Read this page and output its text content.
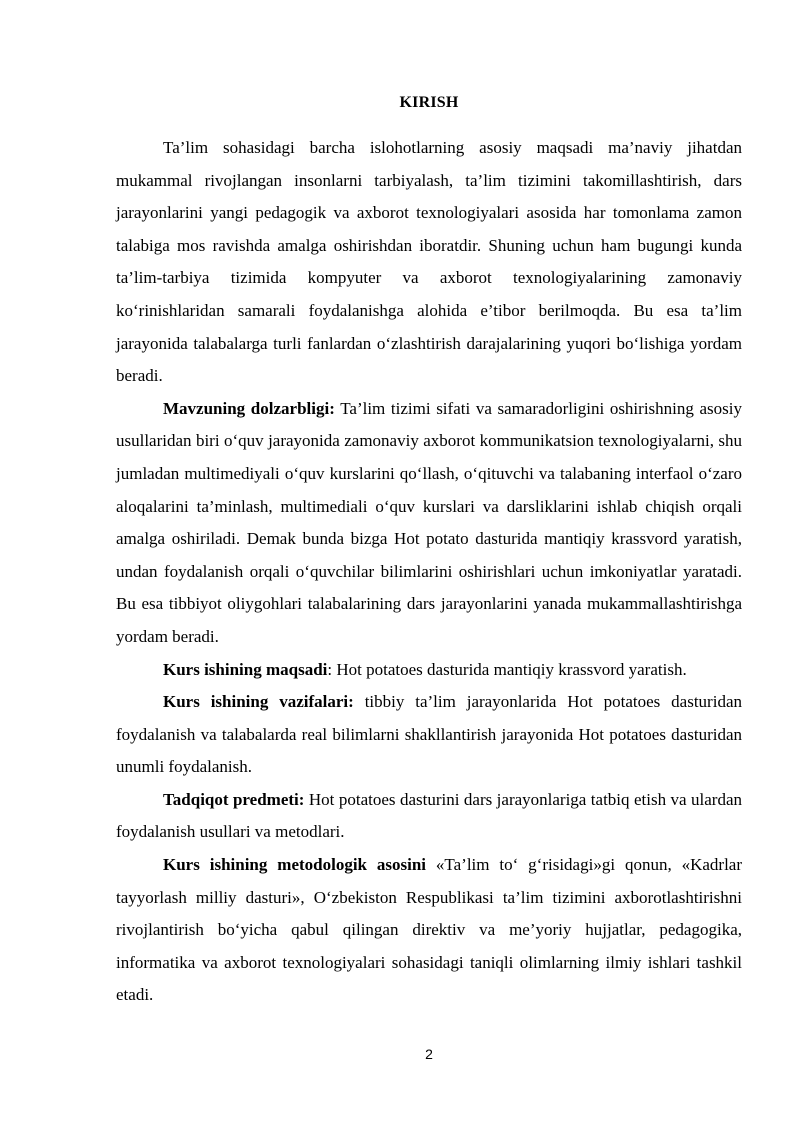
KIRISH

Ta’lim sohasidagi barcha islohotlarning asosiy maqsadi ma’naviy jihatdan mukammal rivojlangan insonlarni tarbiyalash, ta’lim tizimini takomillashtirish, dars jarayonlarini yangi pedagogik va axborot texnologiyalari asosida har tomonlama zamon talabiga mos ravishda amalga oshirishdan iboratdir. Shuning uchun ham bugungi kunda ta’lim-tarbiya tizimida kompyuter va axborot texnologiyalarining zamonaviy ko‘rinishlaridan samarali foydalanishga alohida e’tibor berilmoqda. Bu esa ta’lim jarayonida talabalarga turli fanlardan o‘zlashtirish darajalarining yuqori bo‘lishiga yordam beradi.

Mavzuning dolzarbligi: Ta’lim tizimi sifati va samaradorligini oshirishning asosiy usullaridan biri o‘quv jarayonida zamonaviy axborot kommunikatsion texnologiyalarni, shu jumladan multimediyali o‘quv kurslarini qo‘llash, o‘qituvchi va talabaning interfaol o‘zaro aloqalarini ta’minlash, multimediali o‘quv kurslari va darsliklarini ishlab chiqish orqali amalga oshiriladi. Demak bunda bizga Hot potato dasturida mantiqiy krassvord yaratish, undan foydalanish orqali o‘quvchilar bilimlarini oshirishlari uchun imkoniyatlar yaratadi. Bu esa tibbiyot oliygohlari talabalarining dars jarayonlarini yanada mukammallashtirishga yordam beradi.

Kurs ishining maqsadi: Hot potatoes dasturida mantiqiy krassvord yaratish.

Kurs ishining vazifalari: tibbiy ta’lim jarayonlarida Hot potatoes dasturidan foydalanish va talabalarda real bilimlarni shakllantirish jarayonida Hot potatoes dasturidan unumli foydalanish.

Tadqiqot predmeti: Hot potatoes dasturini dars jarayonlariga tatbiq etish va ulardan foydalanish usullari va metodlari.

Kurs ishining metodologik asosini «Ta’lim to‘ g‘risidagi»gi qonun, «Kadrlar tayyorlash milliy dasturi», O‘zbekiston Respublikasi ta’lim tizimini axborotlashtirishni rivojlantirish bo‘yicha qabul qilingan direktiv va me’yoriy hujjatlar, pedagogika, informatika va axborot texnologiyalari sohasidagi taniqli olimlarning ilmiy ishlari tashkil etadi.

2
